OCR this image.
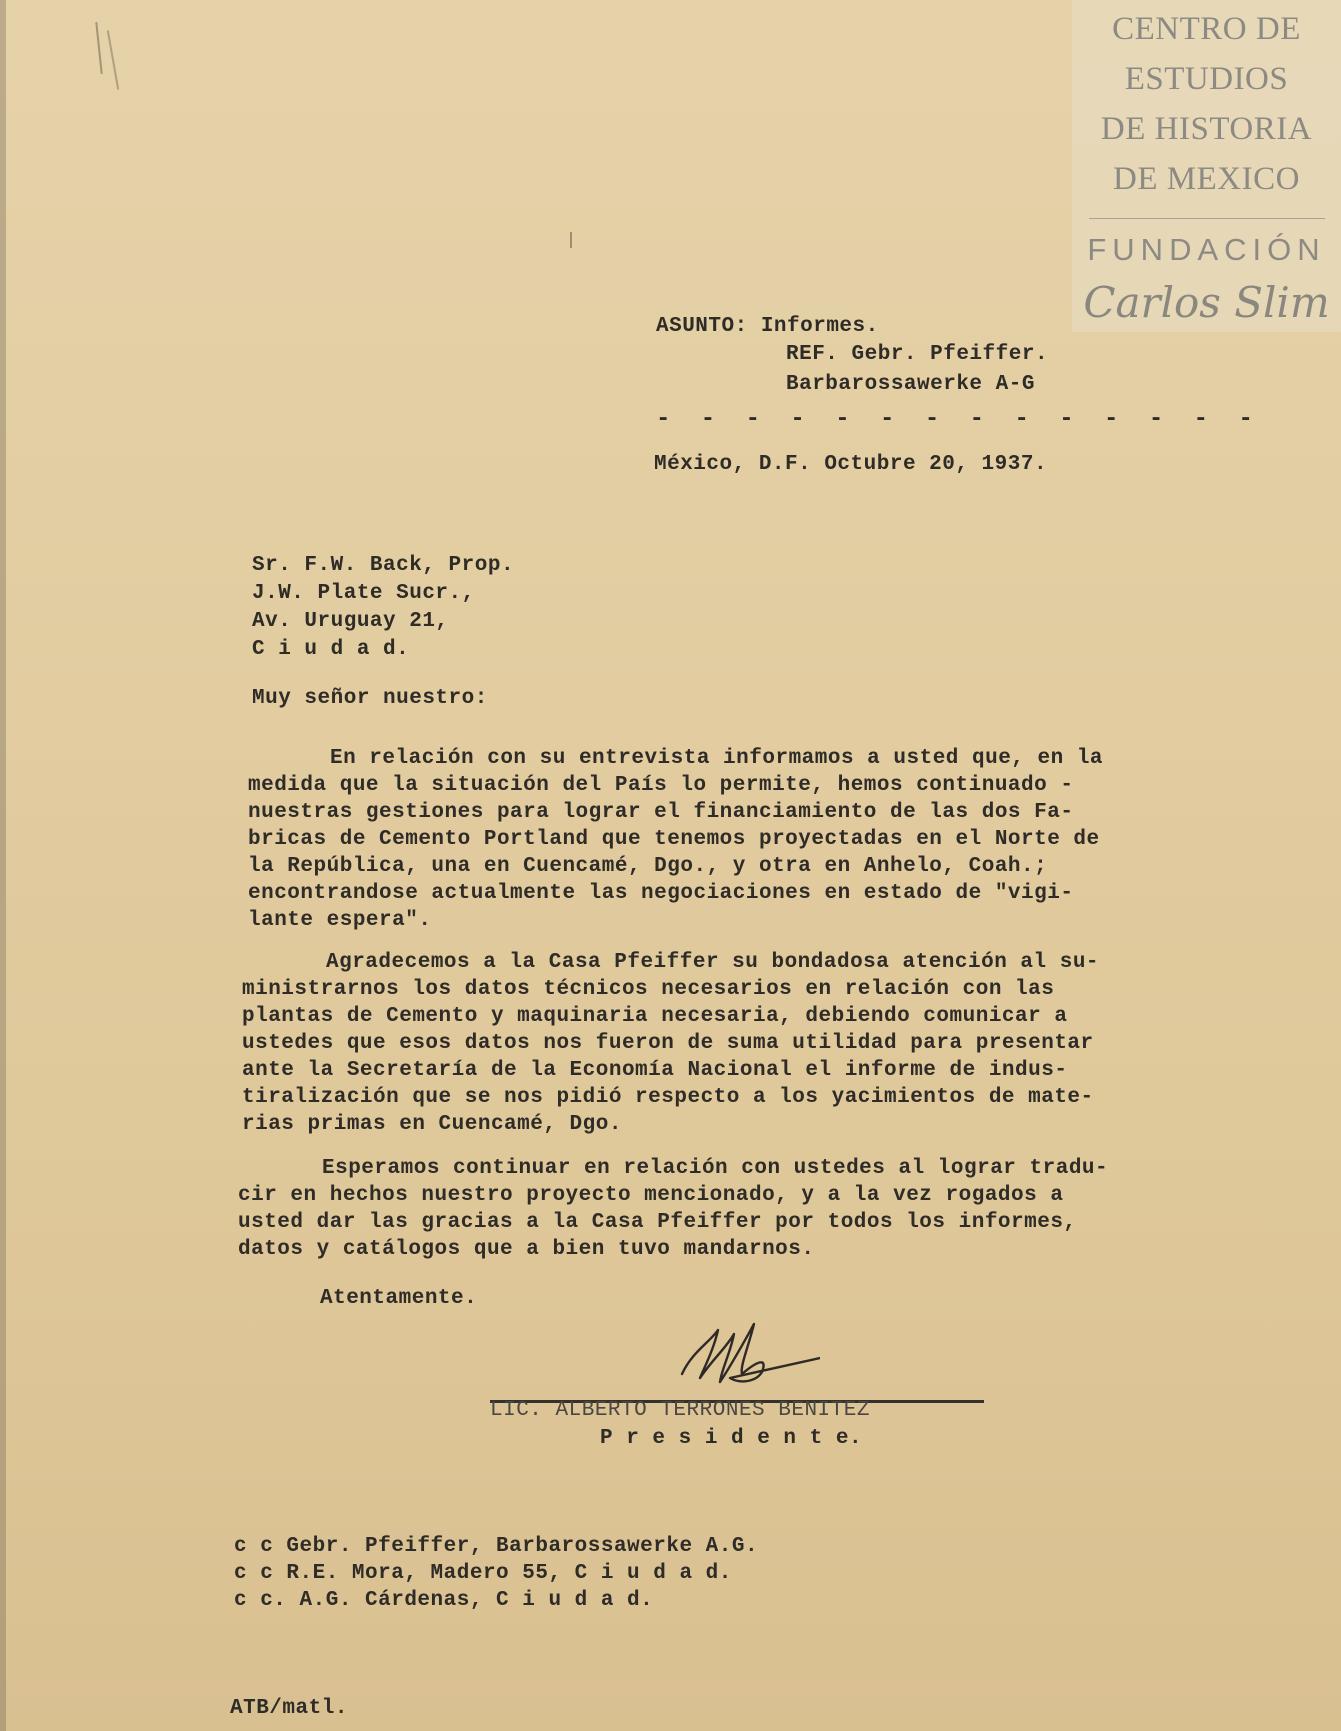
CENTRO DE
ESTUDIOS
DE HISTORIA
DE MEXICO
FUNDACIÓN
Carlos Slim
ASUNTO: Informes.
REF. Gebr. Pfeiffer.
Barbarossawerke A-G
- - - - - - - - - - - - - -
México, D.F. Octubre 20, 1937.
Sr. F.W. Back, Prop.
J.W. Plate Sucr.,
Av. Uruguay 21,
C i u d a d.
Muy señor nuestro:
En relación con su entrevista informamos a usted que, en la
medida que la situación del País lo permite, hemos continuado -
nuestras gestiones para lograr el financiamiento de las dos Fa-
bricas de Cemento Portland que tenemos proyectadas en el Norte de
la República, una en Cuencamé, Dgo., y otra en Anhelo, Coah.;
encontrandose actualmente las negociaciones en estado de "vigi-
lante espera".
Agradecemos a la Casa Pfeiffer su bondadosa atención al su-
ministrarnos los datos técnicos necesarios en relación con las
plantas de Cemento y maquinaria necesaria, debiendo comunicar a
ustedes que esos datos nos fueron de suma utilidad para presentar
ante la Secretaría de la Economía Nacional el informe de indus-
tiralización que se nos pidió respecto a los yacimientos de mate-
rias primas en Cuencamé, Dgo.
Esperamos continuar en relación con ustedes al lograr tradu-
cir en hechos nuestro proyecto mencionado, y a la vez rogados a
usted dar las gracias a la Casa Pfeiffer por todos los informes,
datos y catálogos que a bien tuvo mandarnos.
Atentamente.
LIC. ALBERTO TERRONES BENITEZ
P r e s i d e n t e.
c c Gebr. Pfeiffer, Barbarossawerke A.G.
c c R.E. Mora, Madero 55, C i u d a d.
c c. A.G. Cárdenas, C i u d a d.
ATB/matl.
